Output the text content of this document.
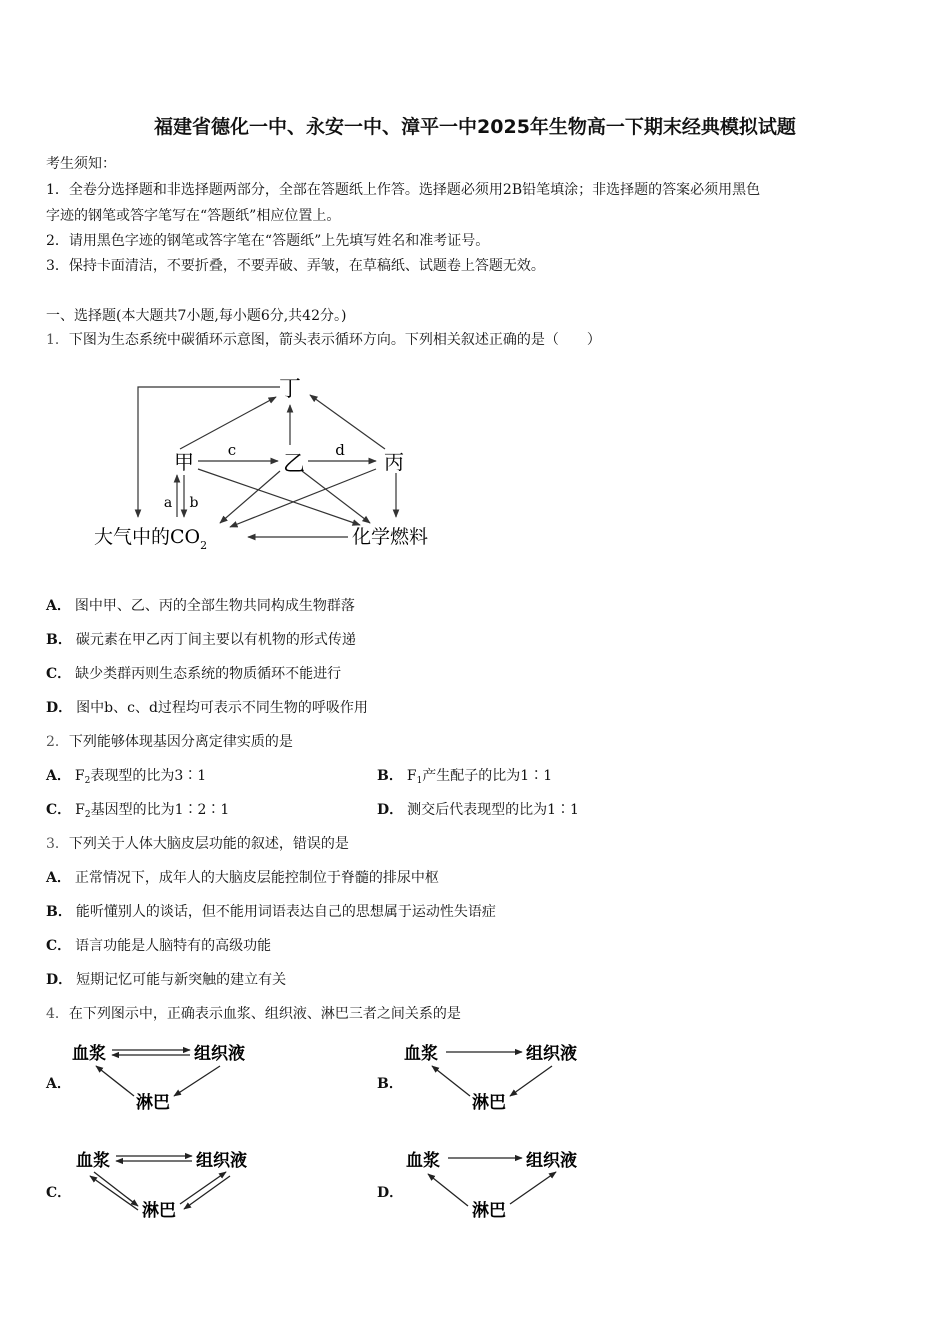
福建省德化一中、永安一中、漳平一中2025年生物高一下期末经典模拟试题
考生须知：
1．全卷分选择题和非选择题两部分，全部在答题纸上作答。选择题必须用2B铅笔填涂；非选择题的答案必须用黑色
字迹的钢笔或答字笔写在“答题纸”相应位置上。
2．请用黑色字迹的钢笔或答字笔在“答题纸”上先填写姓名和准考证号。
3．保持卡面清洁，不要折叠，不要弄破、弄皱，在草稿纸、试题卷上答题无效。
一、选择题(本大题共7小题,每小题6分,共42分。)
1．下图为生态系统中碳循环示意图，箭头表示循环方向。下列相关叙述正确的是（　　）
丁
甲	乙	丙
c	d
a b
大气中的$CO_2$	化学燃料
A． 图中甲、乙、丙的全部生物共同构成生物群落
B． 碳元素在甲乙丙丁间主要以有机物的形式传递
C． 缺少类群丙则生态系统的物质循环不能进行
D． 图中b、c、d过程均可表示不同生物的呼吸作用
2．下列能够体现基因分离定律实质的是
A． $F_2$表现型的比为3∶1	B． $F_1$产生配子的比为1∶1
C． $F_2$基因型的比为1∶2∶1	D． 测交后代表现型的比为1∶1
3．下列关于人体大脑皮层功能的叙述，错误的是
A． 正常情况下，成年人的大脑皮层能控制位于脊髓的排尿中枢
B． 能听懂别人的谈话，但不能用词语表达自己的思想属于运动性失语症
C． 语言功能是人脑特有的高级功能
D． 短期记忆可能与新突触的建立有关
4．在下列图示中，正确表示血浆、组织液、淋巴三者之间关系的是
A．
血浆	组织液
淋巴
B．
血浆	组织液
淋巴
C．
血浆	组织液
淋巴
D．
血浆	组织液
淋巴
